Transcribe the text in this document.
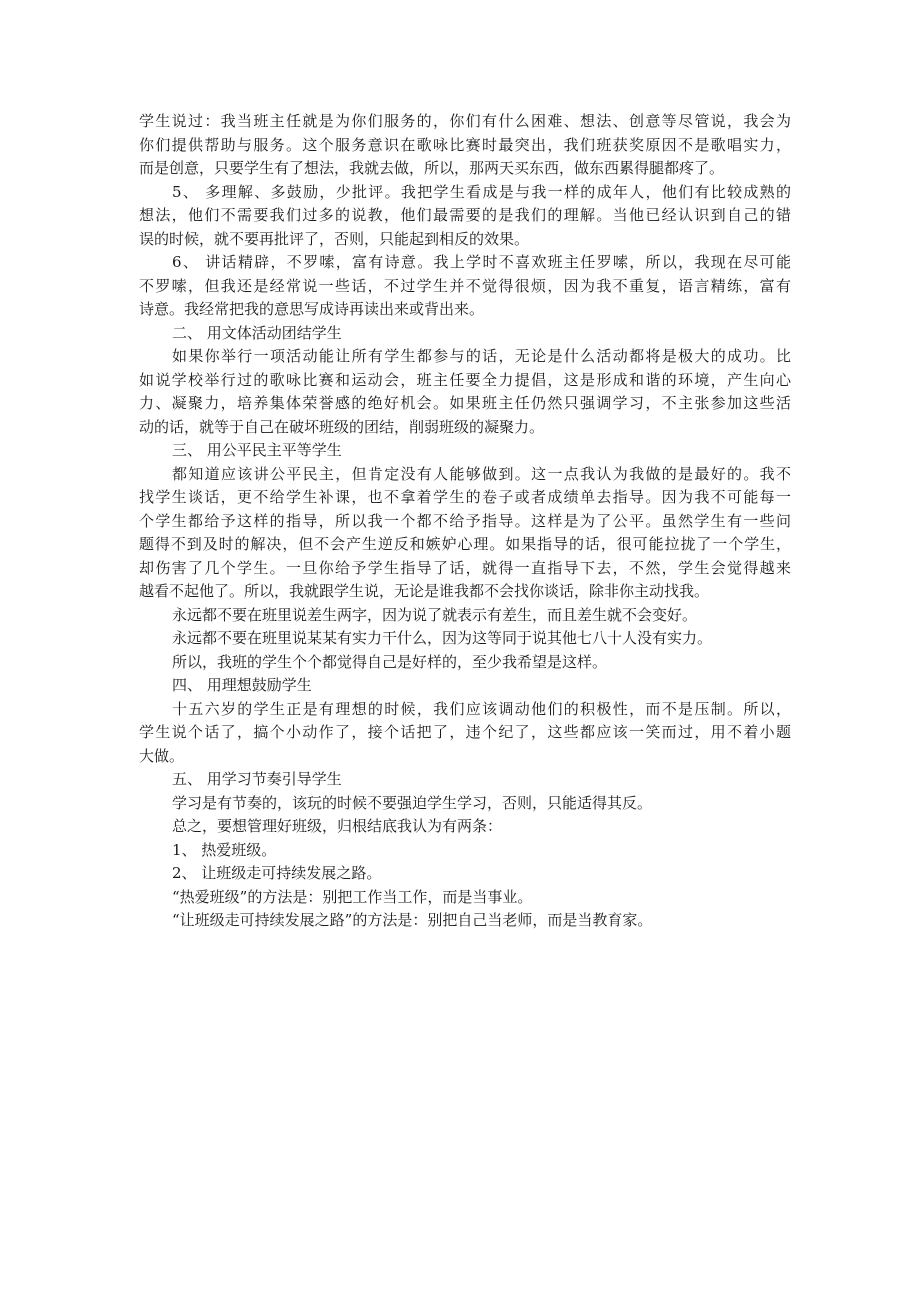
学生说过：我当班主任就是为你们服务的，你们有什么困难、想法、创意等尽管说，我会为
你们提供帮助与服务。这个服务意识在歌咏比赛时最突出，我们班获奖原因不是歌唱实力，
而是创意，只要学生有了想法，我就去做，所以，那两天买东西，做东西累得腿都疼了。
5、 多理解、多鼓励，少批评。我把学生看成是与我一样的成年人，他们有比较成熟的
想法，他们不需要我们过多的说教，他们最需要的是我们的理解。当他已经认识到自己的错
误的时候，就不要再批评了，否则，只能起到相反的效果。
6、 讲话精辟，不罗嗦，富有诗意。我上学时不喜欢班主任罗嗦，所以，我现在尽可能
不罗嗦，但我还是经常说一些话，不过学生并不觉得很烦，因为我不重复，语言精练，富有
诗意。我经常把我的意思写成诗再读出来或背出来。
二、 用文体活动团结学生
如果你举行一项活动能让所有学生都参与的话，无论是什么活动都将是极大的成功。比
如说学校举行过的歌咏比赛和运动会，班主任要全力提倡，这是形成和谐的环境，产生向心
力、凝聚力，培养集体荣誉感的绝好机会。如果班主任仍然只强调学习，不主张参加这些活
动的话，就等于自己在破坏班级的团结，削弱班级的凝聚力。
三、 用公平民主平等学生
都知道应该讲公平民主，但肯定没有人能够做到。这一点我认为我做的是最好的。我不
找学生谈话，更不给学生补课，也不拿着学生的卷子或者成绩单去指导。因为我不可能每一
个学生都给予这样的指导，所以我一个都不给予指导。这样是为了公平。虽然学生有一些问
题得不到及时的解决，但不会产生逆反和嫉妒心理。如果指导的话，很可能拉拢了一个学生，
却伤害了几个学生。一旦你给予学生指导了话，就得一直指导下去，不然，学生会觉得越来
越看不起他了。所以，我就跟学生说，无论是谁我都不会找你谈话，除非你主动找我。
永远都不要在班里说差生两字，因为说了就表示有差生，而且差生就不会变好。
永远都不要在班里说某某有实力干什么，因为这等同于说其他七八十人没有实力。
所以，我班的学生个个都觉得自己是好样的，至少我希望是这样。
四、 用理想鼓励学生
十五六岁的学生正是有理想的时候，我们应该调动他们的积极性，而不是压制。所以，
学生说个话了，搞个小动作了，接个话把了，违个纪了，这些都应该一笑而过，用不着小题
大做。
五、 用学习节奏引导学生
学习是有节奏的，该玩的时候不要强迫学生学习，否则，只能适得其反。
总之，要想管理好班级，归根结底我认为有两条：
1、 热爱班级。
2、 让班级走可持续发展之路。
“热爱班级”的方法是：别把工作当工作，而是当事业。
“让班级走可持续发展之路”的方法是：别把自己当老师，而是当教育家。
